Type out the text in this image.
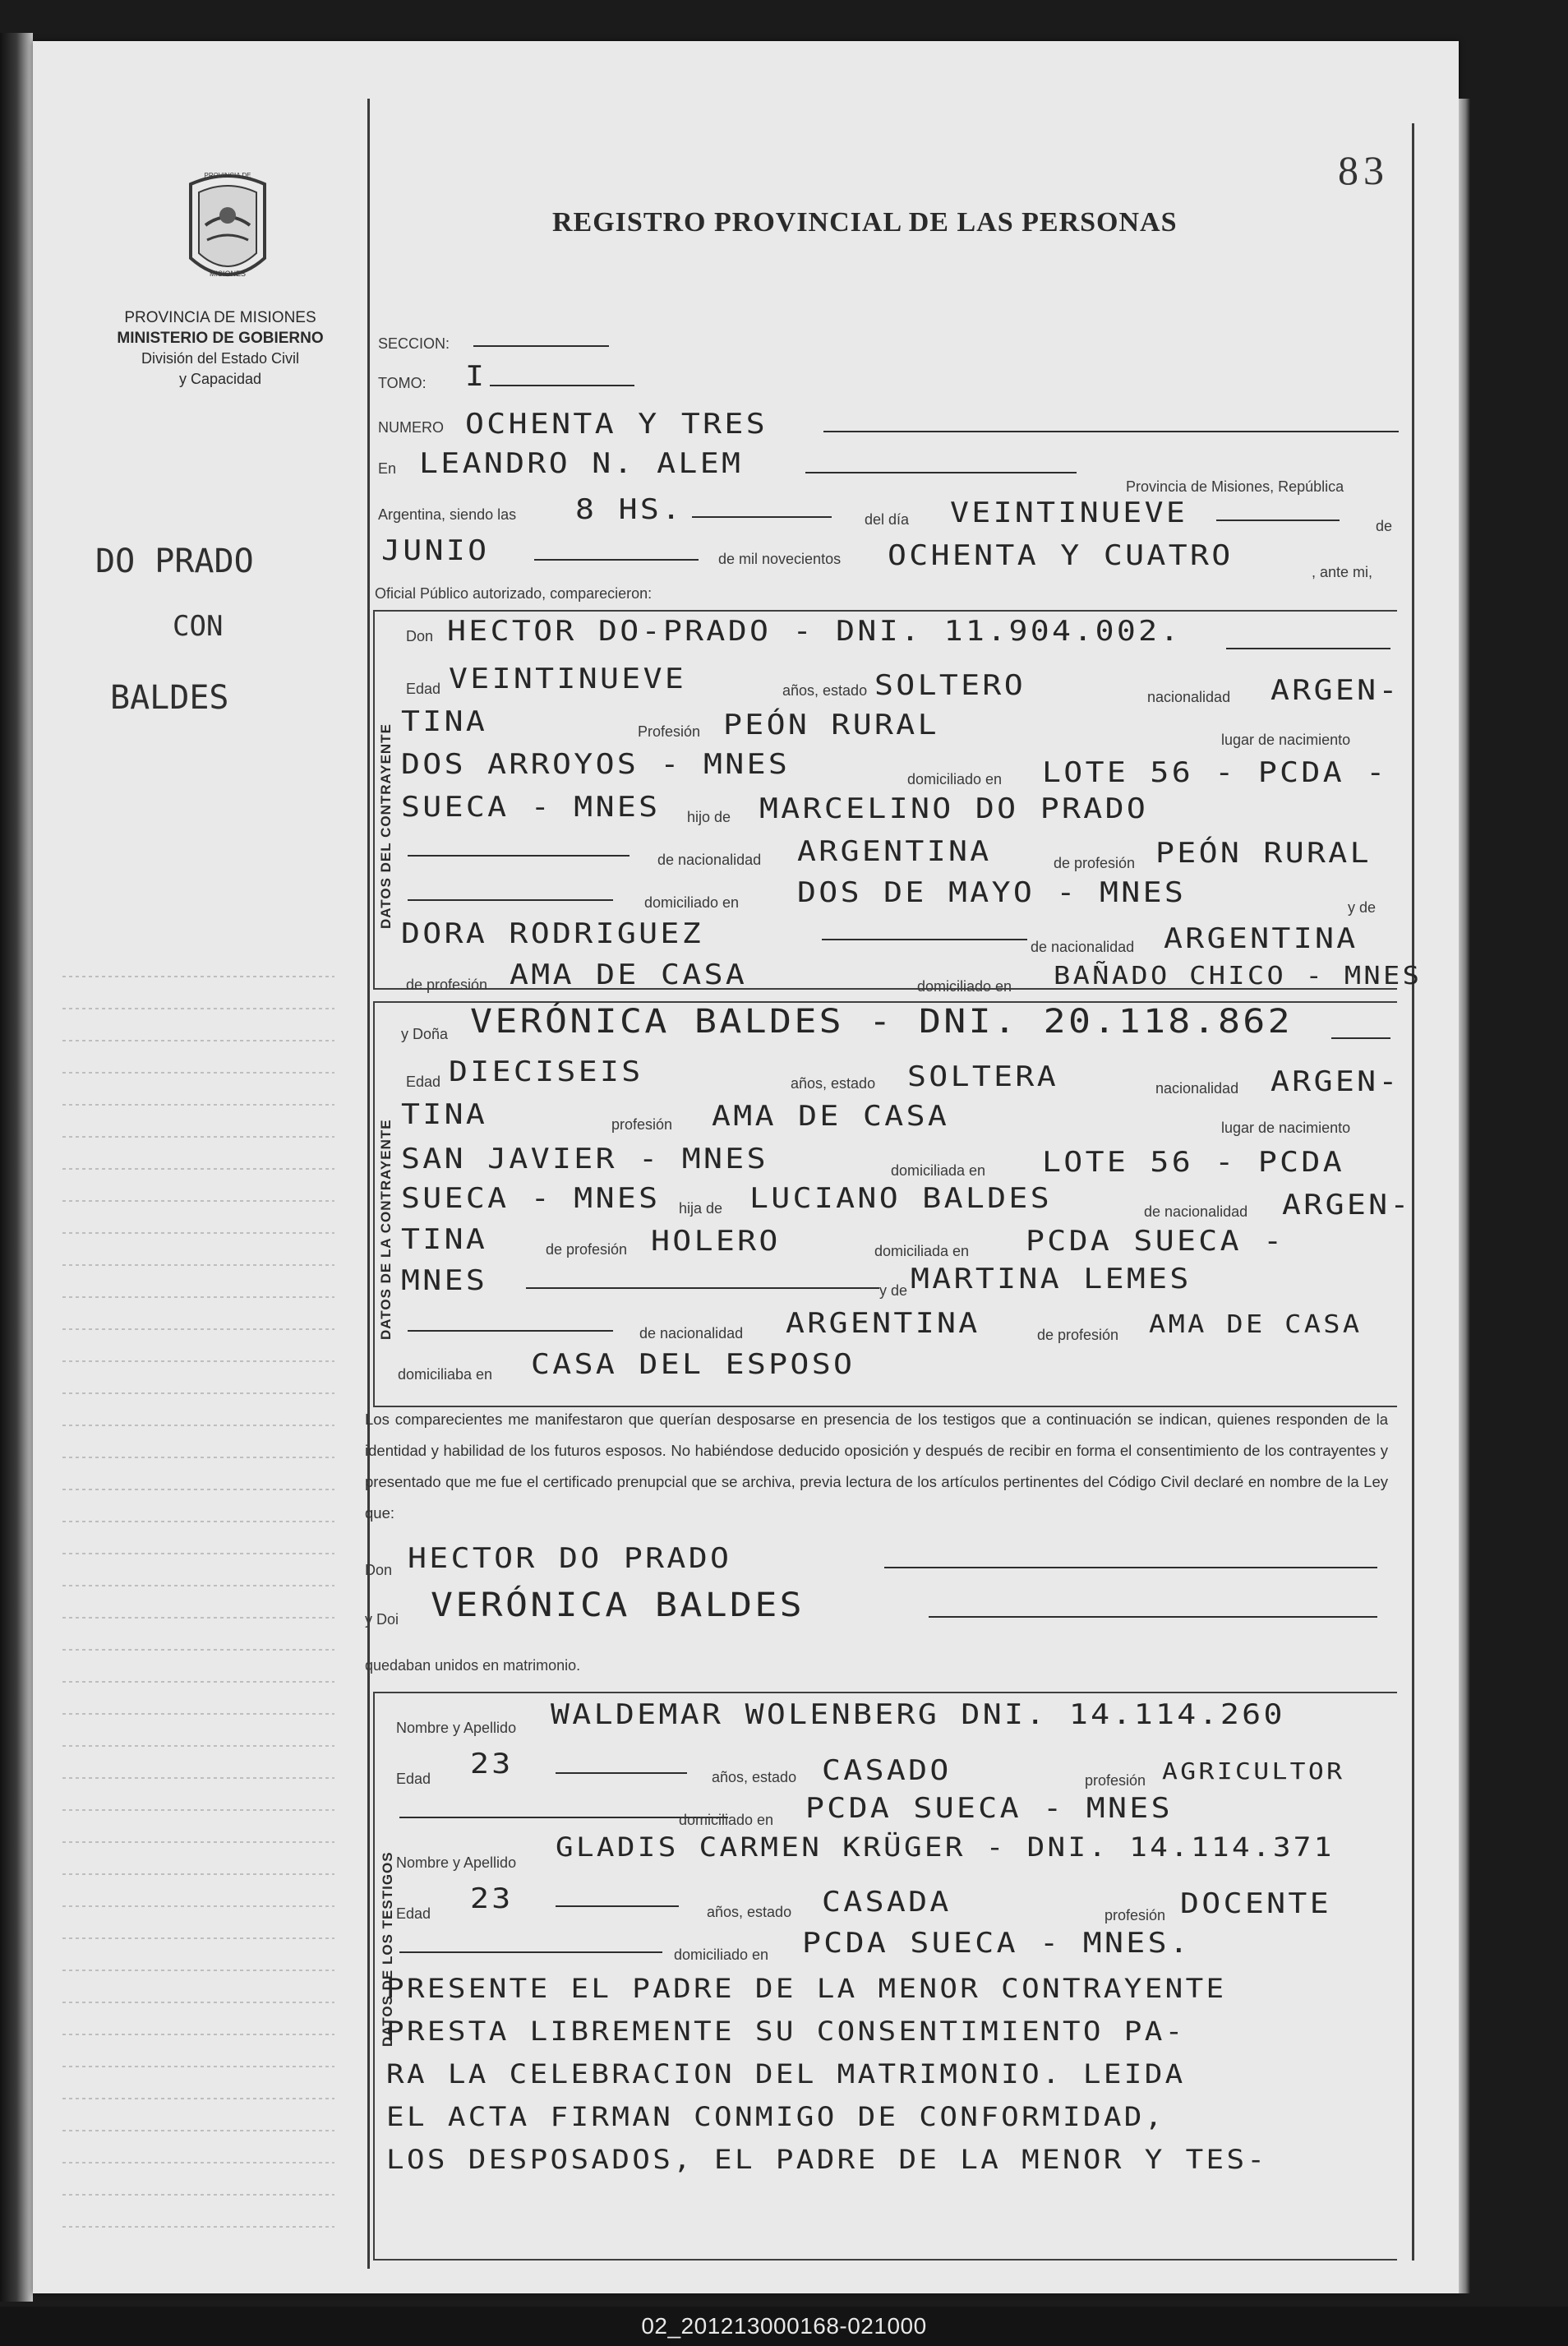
83
REGISTRO PROVINCIAL DE LAS PERSONAS
PROVINCIA DE
MISIONES
PROVINCIA DE MISIONES
MINISTERIO DE GOBIERNO
División del Estado Civil
y Capacidad
DO PRADO
CON
BALDES
SECCION:
TOMO: I
NUMERO OCHENTA Y TRES
En LEANDRO N. ALEM
Provincia de Misiones, República
Argentina, siendo las 8 HS.	del día VEINTINUEVE	de
JUNIO	de mil novecientos OCHENTA Y CUATRO	, ante mi,
Oficial Público autorizado, comparecieron:
DATOS DEL CONTRAYENTE
Don HECTOR DO-PRADO - DNI. 11.904.002.
Edad VEINTINUEVE	años, estado SOLTERO	nacionalidad ARGEN-
TINA	Profesión PEÓN RURAL	lugar de nacimiento
DOS ARROYOS - MNES	domiciliado en LOTE 56 - PCDA -
SUECA - MNES hijo de MARCELINO DO PRADO
de nacionalidad ARGENTINA	de profesión PEÓN RURAL
domiciliado en DOS DE MAYO - MNES	y de
DORA RODRIGUEZ	de nacionalidad ARGENTINA
de profesión AMA DE CASA	domiciliado en BAÑADO CHICO - MNES
DATOS DE LA CONTRAYENTE
y Doña VERÓNICA BALDES - DNI. 20.118.862
Edad DIECISEIS	años, estado SOLTERA	nacionalidad ARGEN-
TINA	profesión AMA DE CASA	lugar de nacimiento
SAN JAVIER - MNES	domiciliada en LOTE 56 - PCDA
SUECA - MNES hija de LUCIANO BALDES	de nacionalidad ARGEN-
TINA	de profesión HOLERO	domiciliada en PCDA SUECA -
MNES	y de MARTINA LEMES
de nacionalidad ARGENTINA	de profesión AMA DE CASA
domiciliaba en CASA DEL ESPOSO
Los comparecientes me manifestaron que querían desposarse en presencia de los testigos que a continuación se indican, quienes responden de la identidad y habilidad de los futuros esposos. No habiéndose deducido oposición y después de recibir en forma el consentimiento de los contrayentes y presentado que me fue el certificado prenupcial que se archiva, previa lectura de los artículos pertinentes del Código Civil declaré en nombre de la Ley que:
Don HECTOR DO PRADO
y Doi VERÓNICA BALDES
quedaban unidos en matrimonio.
DATOS DE LOS TESTIGOS
Nombre y Apellido WALDEMAR WOLENBERG DNI. 14.114.260
Edad 23	años, estado CASADO	profesión AGRICULTOR
domiciliado en PCDA SUECA - MNES
Nombre y Apellido GLADIS CARMEN KRÜGER - DNI. 14.114.371
Edad 23	años, estado CASADA	profesión DOCENTE
domiciliado en PCDA SUECA - MNES.
PRESENTE EL PADRE DE LA MENOR CONTRAYENTE
PRESTA LIBREMENTE SU CONSENTIMIENTO PA-
RA LA CELEBRACION DEL MATRIMONIO. LEIDA
EL ACTA FIRMAN CONMIGO DE CONFORMIDAD,
LOS DESPOSADOS, EL PADRE DE LA MENOR Y TES-
02_201213000168-021000
